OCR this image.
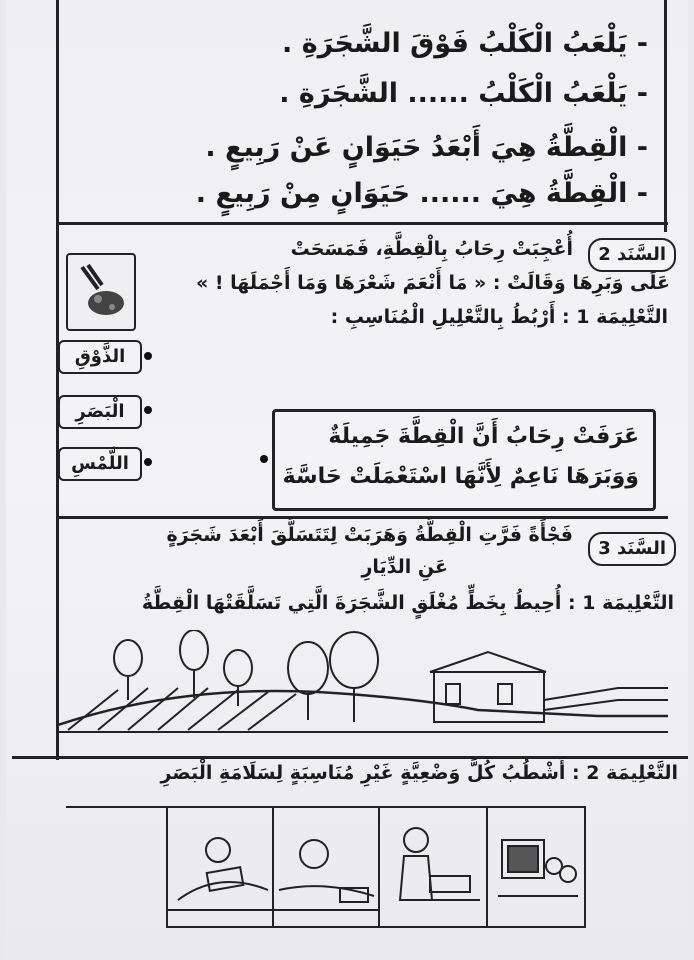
- يَلْعَبُ الْكَلْبُ فَوْقَ الشَّجَرَةِ .
- يَلْعَبُ الْكَلْبُ ...... الشَّجَرَةِ .
- الْقِطَّةُ هِيَ أَبْعَدُ حَيَوَانٍ عَنْ رَبِيعٍ .
- الْقِطَّةُ هِيَ ...... حَيَوَانٍ مِنْ رَبِيعٍ .
السَّنَد 2
أُعْجِبَتْ رِحَابُ بِالْقِطَّةِ، فَمَسَحَتْ
عَلَى وَبَرِهَا وَقَالَتْ : « مَا أَنْعَمَ شَعْرَهَا وَمَا أَجْمَلَهَا ! »
التَّعْلِيمَة 1 : أَرْبُطُ بِالتَّعْلِيلِ الْمُنَاسِبِ :
الذَّوْقِ
الْبَصَرِ
اللَّمْسِ
عَرَفَتْ رِحَابُ أَنَّ الْقِطَّةَ جَمِيلَةٌ
وَوَبَرَهَا نَاعِمٌ لِأَنَّهَا اسْتَعْمَلَتْ حَاسَّةَ
السَّنَد 3
فَجْأَةً فَرَّتِ الْقِطَّةُ وَهَرَبَتْ لِتَتَسَلَّقَ أَبْعَدَ شَجَرَةٍ
عَنِ الدِّيَارِ
التَّعْلِيمَة 1 : أُحِيطُ بِخَطٍّ مُغْلَقٍ الشَّجَرَةَ الَّتِي تَسَلَّقَتْهَا الْقِطَّةُ
التَّعْلِيمَة 2 : أَشْطُبُ كُلَّ وَضْعِيَّةٍ غَيْرِ مُنَاسِبَةٍ لِسَلَامَةِ الْبَصَرِ
